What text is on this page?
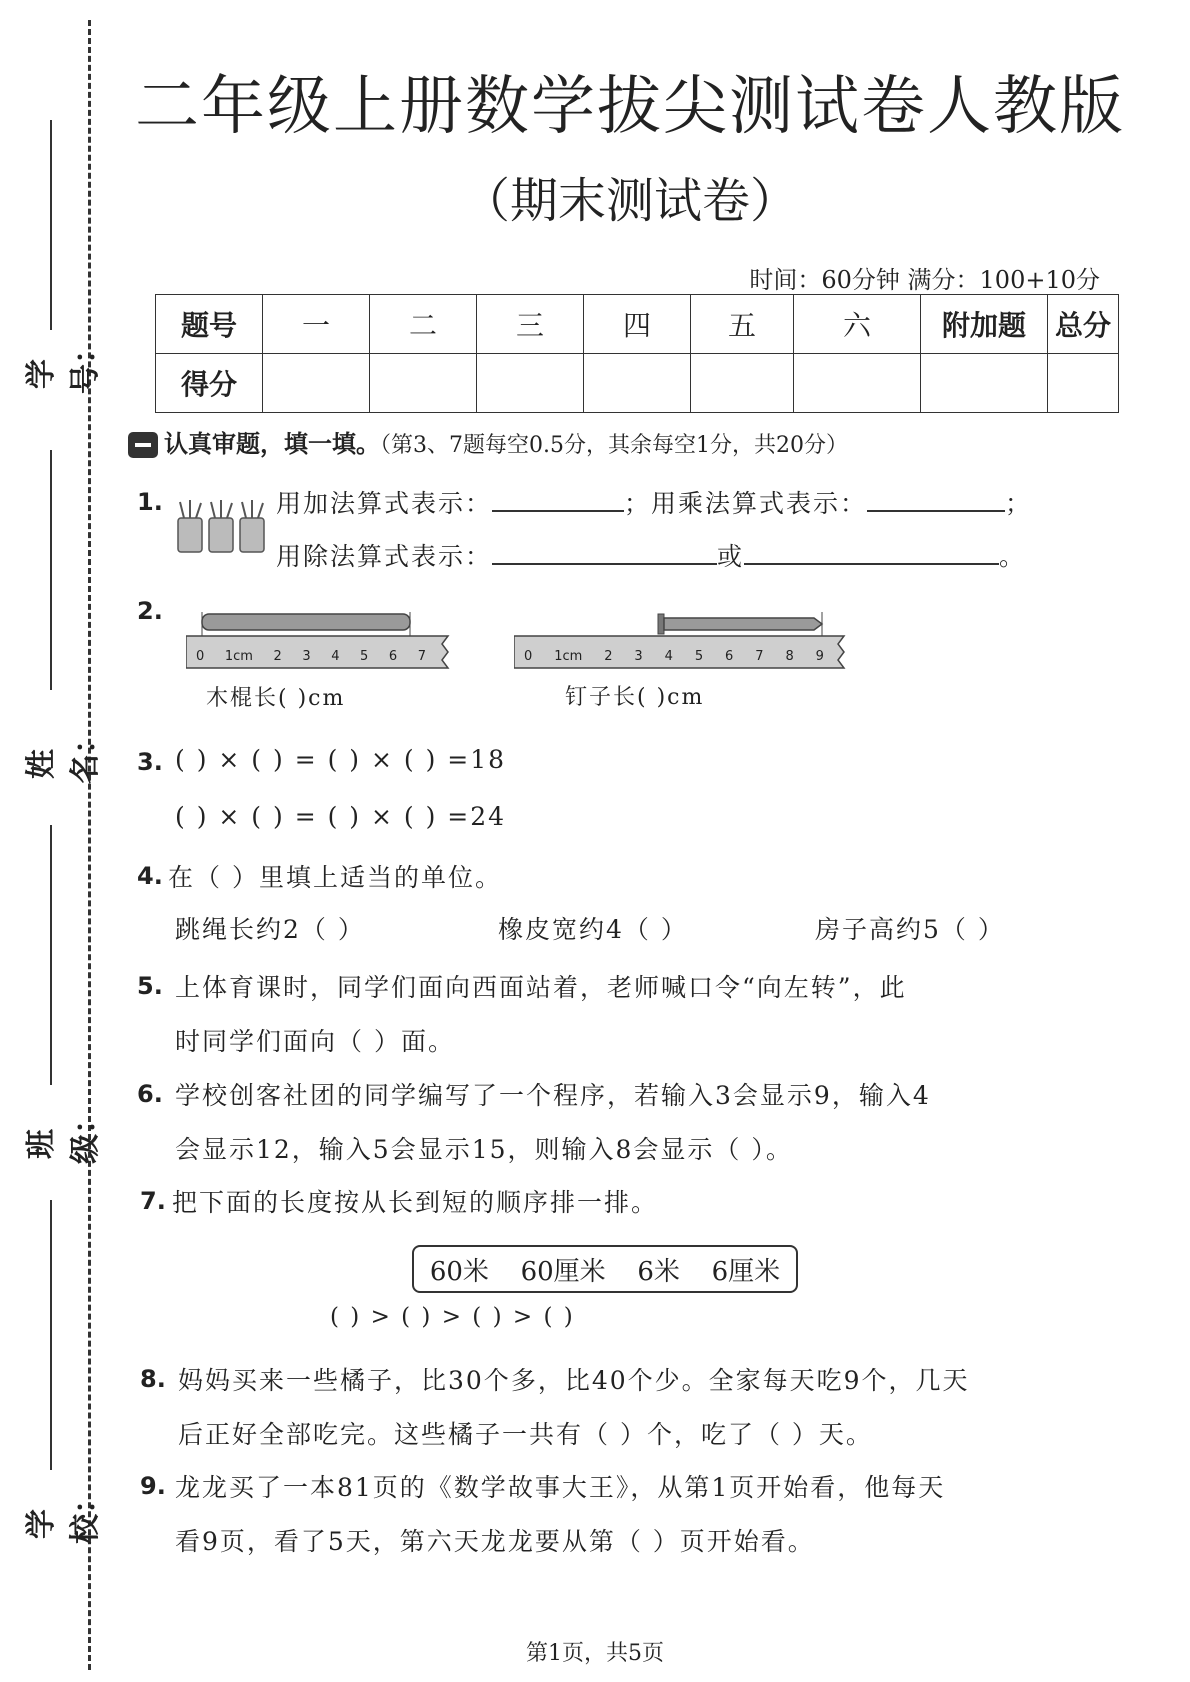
学号：
姓名：
班级：
学校：
二年级上册数学拔尖测试卷人教版
（期末测试卷）
时间：60分钟 满分：100+10分
题号	一	二	三	四	五	六	附加题	总分
得分								
认真审题，填一填。（第3、7题每空0.5分，其余每空1分，共20分）
1.	用加法算式表示：	；用乘法算式表示：	；
用除法算式表示：	或	。
2.
0 1cm 2 3 4 5 6 7
木棍长( )cm
0 1cm 2 3 4 5 6 7 8 9
钉子长( )cm
3. ( ) × ( ) = ( ) × ( ) =18
( ) × ( ) = ( ) × ( ) =24
4. 在（ ）里填上适当的单位。
跳绳长约2（ ）	橡皮宽约4（ ）	房子高约5（ ）
5. 上体育课时，同学们面向西面站着，老师喊口令“向左转”，此
时同学们面向（ ）面。
6. 学校创客社团的同学编写了一个程序，若输入3会显示9，输入4
会显示12，输入5会显示15，则输入8会显示（ ）。
7. 把下面的长度按从长到短的顺序排一排。
60米 60厘米 6米 6厘米
( ) > ( ) > ( ) > ( )
8. 妈妈买来一些橘子，比30个多，比40个少。全家每天吃9个，几天
后正好全部吃完。这些橘子一共有（ ）个，吃了（ ）天。
9. 龙龙买了一本81页的《数学故事大王》，从第1页开始看，他每天
看9页，看了5天，第六天龙龙要从第（ ）页开始看。
第1页，共5页
